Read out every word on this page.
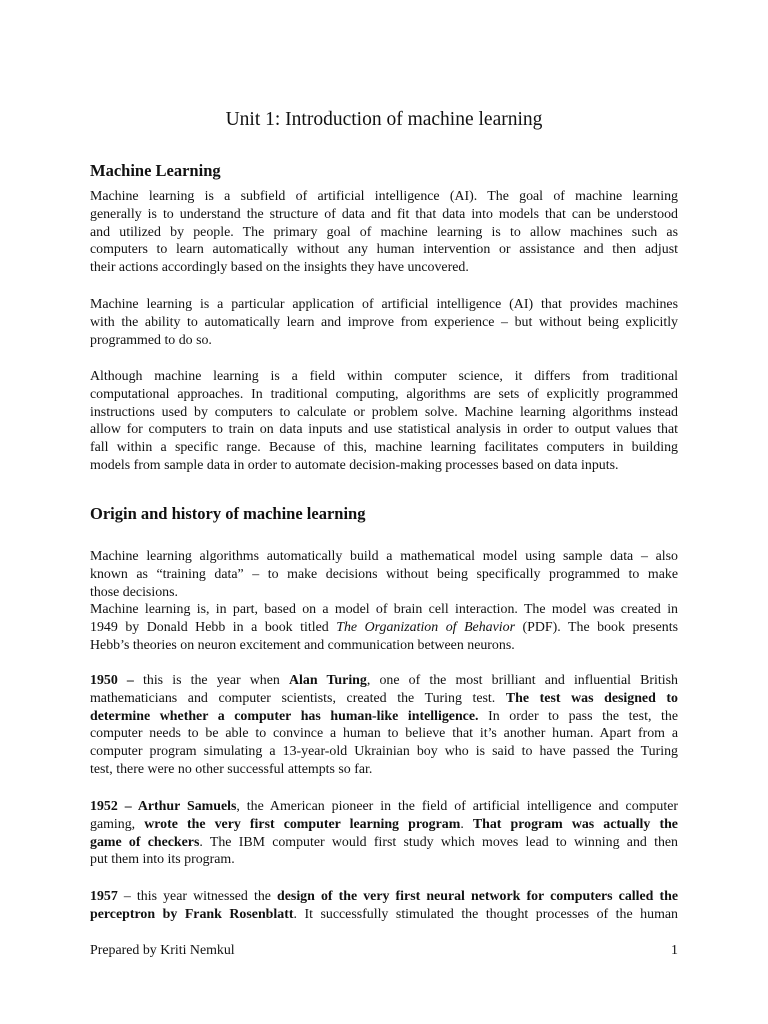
Unit 1: Introduction of machine learning
Machine Learning
Machine learning is a subfield of artificial intelligence (AI). The goal of machine learning
generally is to understand the structure of data and fit that data into models that can be understood
and utilized by people. The primary goal of machine learning is to allow machines such as
computers to learn automatically without any human intervention or assistance and then adjust
their actions accordingly based on the insights they have uncovered.
Machine learning is a particular application of artificial intelligence (AI) that provides machines
with the ability to automatically learn and improve from experience – but without being explicitly
programmed to do so.
Although machine learning is a field within computer science, it differs from traditional
computational approaches. In traditional computing, algorithms are sets of explicitly programmed
instructions used by computers to calculate or problem solve. Machine learning algorithms instead
allow for computers to train on data inputs and use statistical analysis in order to output values that
fall within a specific range. Because of this, machine learning facilitates computers in building
models from sample data in order to automate decision-making processes based on data inputs.
Origin and history of machine learning
Machine learning algorithms automatically build a mathematical model using sample data – also
known as “training data” – to make decisions without being specifically programmed to make
those decisions.
Machine learning is, in part, based on a model of brain cell interaction. The model was created in
1949 by Donald Hebb in a book titled The Organization of Behavior (PDF). The book presents
Hebb’s theories on neuron excitement and communication between neurons.
1950 – this is the year when Alan Turing, one of the most brilliant and influential British
mathematicians and computer scientists, created the Turing test. The test was designed to
determine whether a computer has human-like intelligence. In order to pass the test, the
computer needs to be able to convince a human to believe that it’s another human. Apart from a
computer program simulating a 13-year-old Ukrainian boy who is said to have passed the Turing
test, there were no other successful attempts so far.
1952 – Arthur Samuels, the American pioneer in the field of artificial intelligence and computer
gaming, wrote the very first computer learning program. That program was actually the
game of checkers. The IBM computer would first study which moves lead to winning and then
put them into its program.
1957 – this year witnessed the design of the very first neural network for computers called the
perceptron by Frank Rosenblatt. It successfully stimulated the thought processes of the human
Prepared by Kriti Nemkul	1
